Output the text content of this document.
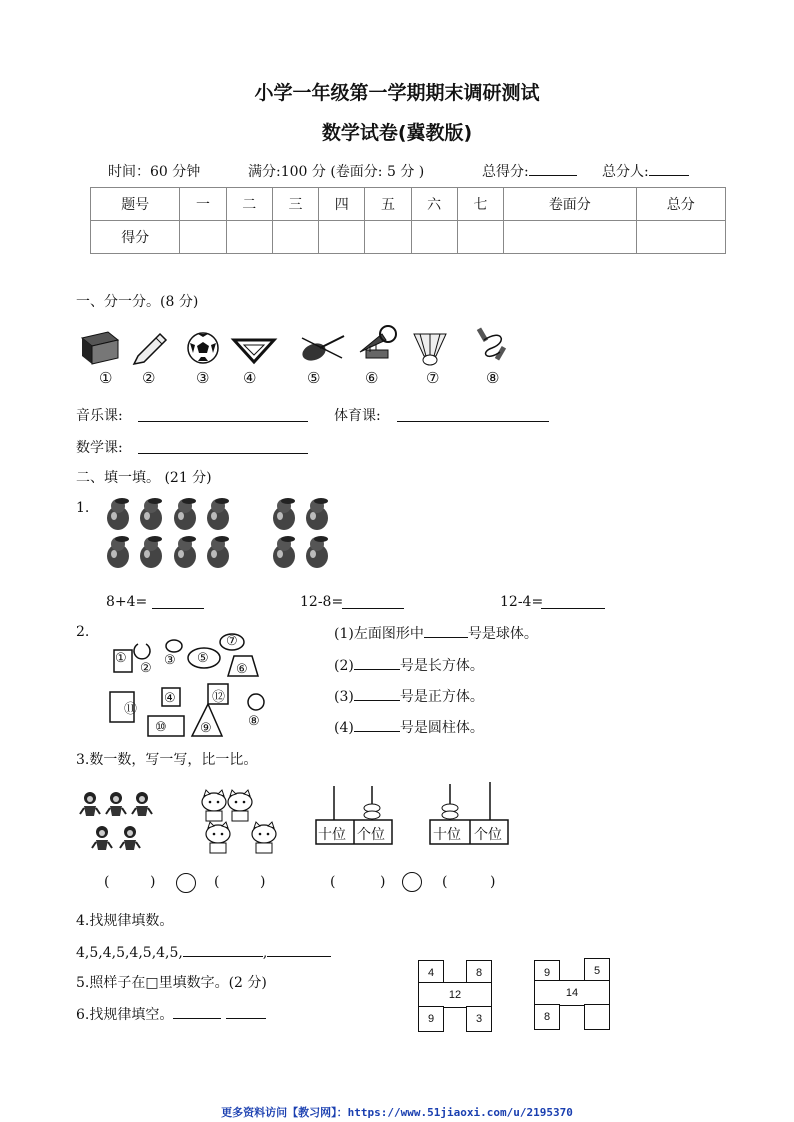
小学一年级第一学期期末调研测试
数学试卷(冀教版)
时间：60 分钟	满分:100 分 (卷面分: 5 分 )	总得分:	总分人:
题号	一	二	三	四	五	六	七	卷面分	总分
得分									
一、分一分。(8 分)
① ②	③ ④	⑤	⑥	⑦	⑧
音乐课:	体育课:
数学课:
二、填一填。 (21 分)
1.
8+4=	12-8=	12-4=
2.
①
②
③
④
⑤
⑥
⑦
⑧
⑨
⑩
⑪
⑫
(1)左面图形中	号是球体。
(2)	号是长方体。
(3)	号是正方体。
(4)	号是圆柱体。
3.数一数，写一写，比一比。
十位 个位	十位 个位
(	)	(	)	(	)	(	)
4.找规律填数。
4,5,4,5,4,5,4,5,	,
5.照样子在□里填数字。(2 分)
6.找规律填空。
4	8
12
9	3
9	5
14
8
更多资料访问【教习网】：https://www.51jiaoxi.com/u/2195370
